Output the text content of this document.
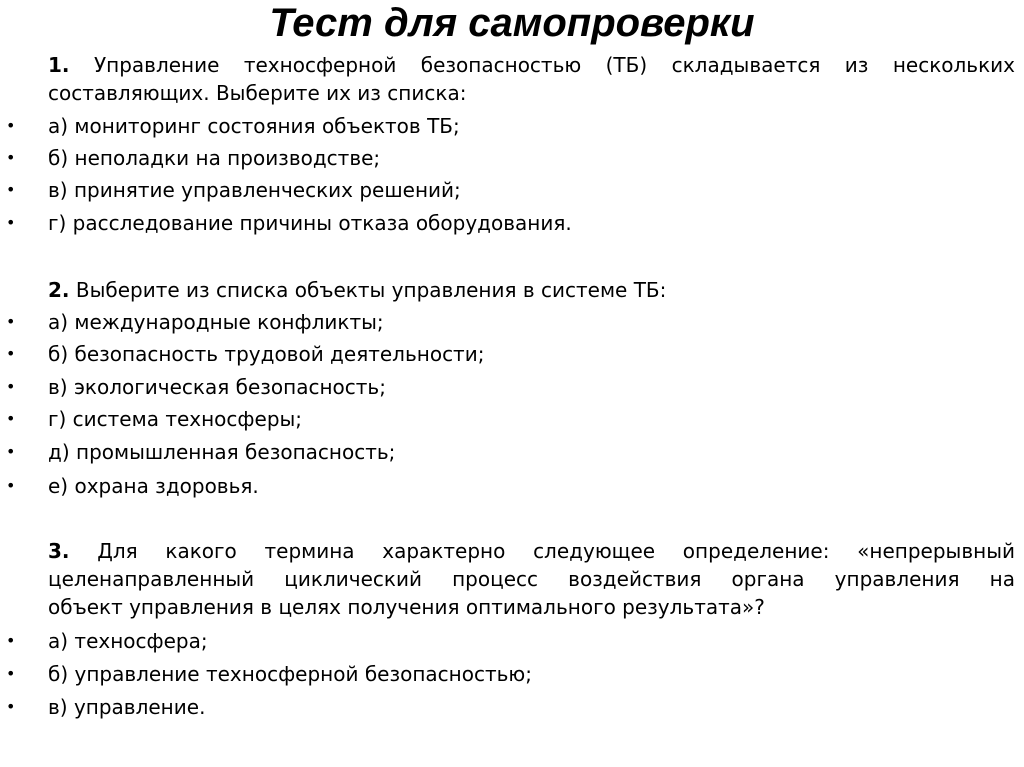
Тест для самопроверки
1. Управление техносферной безопасностью (ТБ) складывается из нескольких
составляющих. Выберите их из списка:
• а) мониторинг состояния объектов ТБ;
• б) неполадки на производстве;
• в) принятие управленческих решений;
• г) расследование причины отказа оборудования.
2. Выберите из списка объекты управления в системе ТБ:
• а) международные конфликты;
• б) безопасность трудовой деятельности;
• в) экологическая безопасность;
• г) система техносферы;
• д) промышленная безопасность;
• е) охрана здоровья.
3. Для какого термина характерно следующее определение: «непрерывный
целенаправленный циклический процесс воздействия органа управления на
объект управления в целях получения оптимального результата»?
• а) техносфера;
• б) управление техносферной безопасностью;
• в) управление.
